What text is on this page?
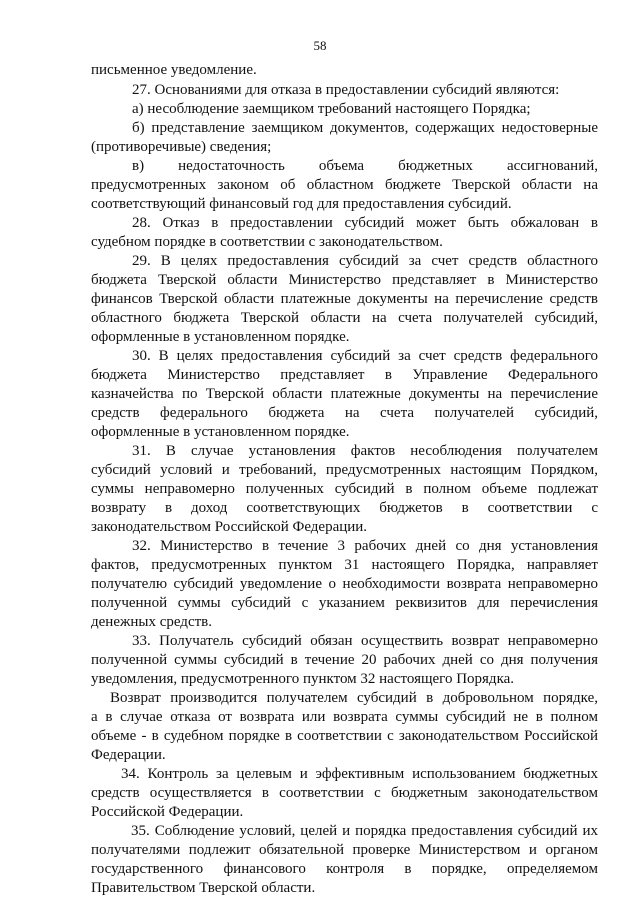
58
письменное уведомление.
27. Основаниями для отказа в предоставлении субсидий являются:
а) несоблюдение заемщиком требований настоящего Порядка;
б) представление заемщиком документов, содержащих недостоверные
(противоречивые) сведения;
в) недостаточность объема бюджетных ассигнований,
предусмотренных законом об областном бюджете Тверской области на
соответствующий финансовый год для предоставления субсидий.
28. Отказ в предоставлении субсидий может быть обжалован в
судебном порядке в соответствии с законодательством.
29. В целях предоставления субсидий за счет средств областного
бюджета Тверской области Министерство представляет в Министерство
финансов Тверской области платежные документы на перечисление средств
областного бюджета Тверской области на счета получателей субсидий,
оформленные в установленном порядке.
30. В целях предоставления субсидий за счет средств федерального
бюджета Министерство представляет в Управление Федерального
казначейства по Тверской области платежные документы на перечисление
средств федерального бюджета на счета получателей субсидий,
оформленные в установленном порядке.
31. В случае установления фактов несоблюдения получателем
субсидий условий и требований, предусмотренных настоящим Порядком,
суммы неправомерно полученных субсидий в полном объеме подлежат
возврату в доход соответствующих бюджетов в соответствии с
законодательством Российской Федерации.
32. Министерство в течение 3 рабочих дней со дня установления
фактов, предусмотренных пунктом 31 настоящего Порядка, направляет
получателю субсидий уведомление о необходимости возврата неправомерно
полученной суммы субсидий с указанием реквизитов для перечисления
денежных средств.
33. Получатель субсидий обязан осуществить возврат неправомерно
полученной суммы субсидий в течение 20 рабочих дней со дня получения
уведомления, предусмотренного пунктом 32 настоящего Порядка.
Возврат производится получателем субсидий в добровольном порядке,
а в случае отказа от возврата или возврата суммы субсидий не в полном
объеме - в судебном порядке в соответствии с законодательством Российской
Федерации.
34. Контроль за целевым и эффективным использованием бюджетных
средств осуществляется в соответствии с бюджетным законодательством
Российской Федерации.
35. Соблюдение условий, целей и порядка предоставления субсидий их
получателями подлежит обязательной проверке Министерством и органом
государственного финансового контроля в порядке, определяемом
Правительством Тверской области.
